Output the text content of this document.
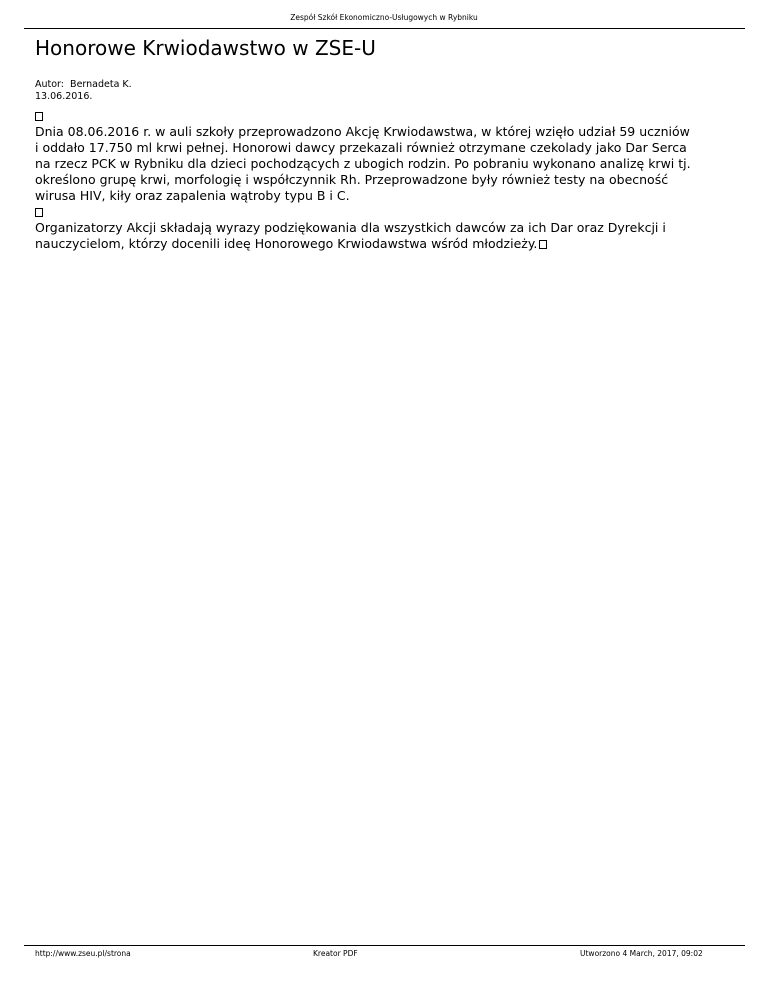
Zespół Szkół Ekonomiczno-Usługowych w Rybniku
Honorowe Krwiodawstwo w ZSE-U
Autor: Bernadeta K.
13.06.2016.
Dnia 08.06.2016 r. w auli szkoły przeprowadzono Akcję Krwiodawstwa, w której wzięło udział 59 uczniów
i oddało 17.750 ml krwi pełnej. Honorowi dawcy przekazali również otrzymane czekolady jako Dar Serca
na rzecz PCK w Rybniku dla dzieci pochodzących z ubogich rodzin. Po pobraniu wykonano analizę krwi tj.
określono grupę krwi, morfologię i współczynnik Rh. Przeprowadzone były również testy na obecność
wirusa HIV, kiły oraz zapalenia wątroby typu B i C.
Organizatorzy Akcji składają wyrazy podziękowania dla wszystkich dawców za ich Dar oraz Dyrekcji i
nauczycielom, którzy docenili ideę Honorowego Krwiodawstwa wśród młodzieży.
http://www.zseu.pl/strona	Kreator PDF	Utworzono 4 March, 2017, 09:02
